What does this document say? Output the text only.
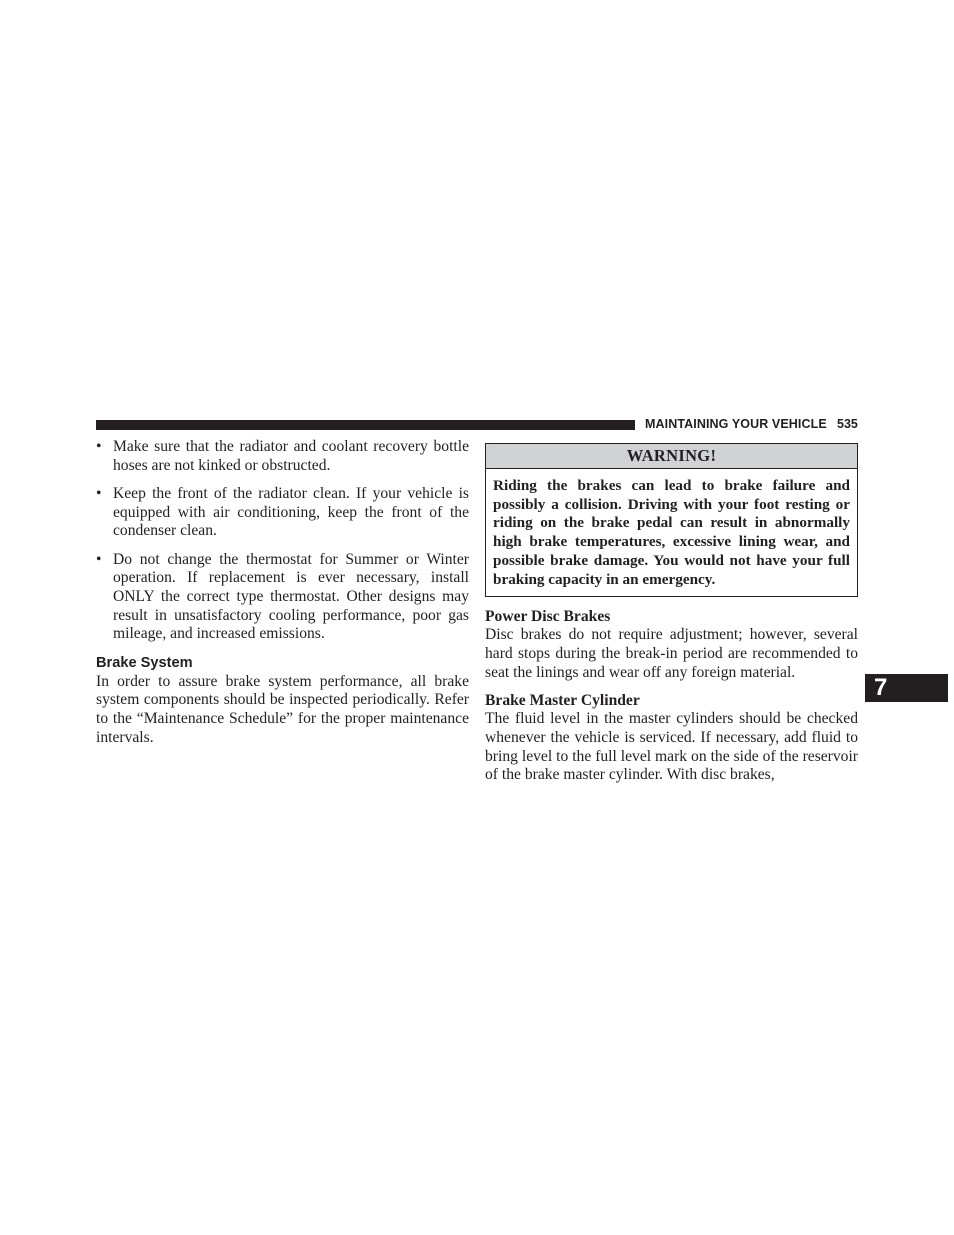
MAINTAINING YOUR VEHICLE 535
• Make sure that the radiator and coolant recovery bottle hoses are not kinked or obstructed.
• Keep the front of the radiator clean. If your vehicle is equipped with air conditioning, keep the front of the condenser clean.
• Do not change the thermostat for Summer or Winter operation. If replacement is ever necessary, install ONLY the correct type thermostat. Other designs may result in unsatisfactory cooling performance, poor gas mileage, and increased emissions.
Brake System
In order to assure brake system performance, all brake system components should be inspected periodically. Refer to the “Maintenance Schedule” for the proper maintenance intervals.
WARNING!
Riding the brakes can lead to brake failure and possibly a collision. Driving with your foot resting or riding on the brake pedal can result in abnormally high brake temperatures, excessive lining wear, and possible brake damage. You would not have your full braking capacity in an emergency.
Power Disc Brakes
Disc brakes do not require adjustment; however, several hard stops during the break-in period are recommended to seat the linings and wear off any foreign material.
Brake Master Cylinder
The fluid level in the master cylinders should be checked whenever the vehicle is serviced. If necessary, add fluid to bring level to the full level mark on the side of the reservoir of the brake master cylinder. With disc brakes,
7
